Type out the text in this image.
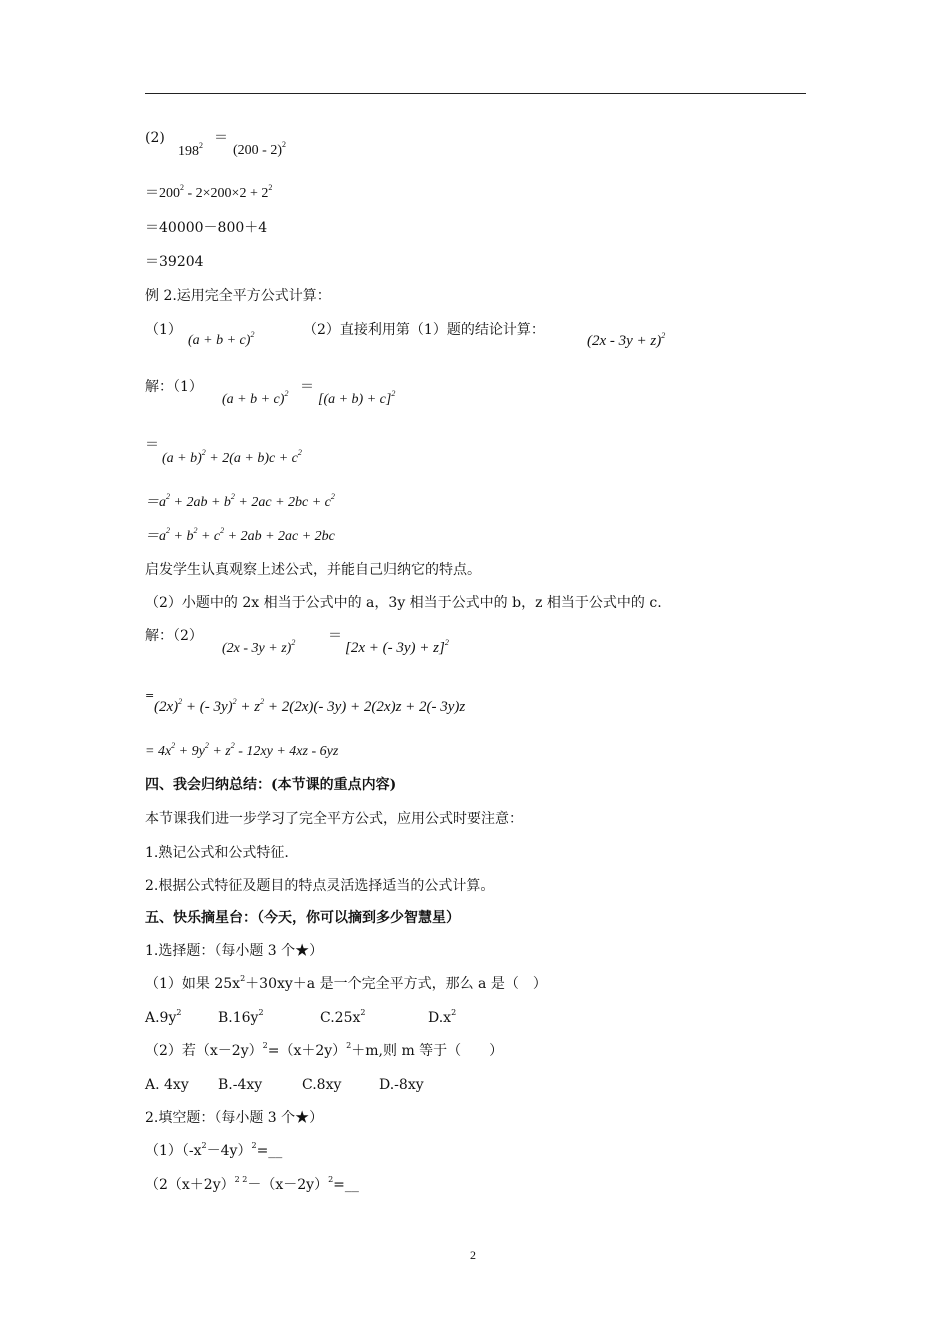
(2)
$198^2$ ＝
(200 - 2)$^2$
$=200^2 - 2\times 200\times 2 + 2^2$
＝40000－800＋4
＝39204
例 2.运用完全平方公式计算：
（1）
$(a + b + c)^2$	（2）直接利用第（1）题的结论计算：
$(2x - 3y + z)^2$
解：（1）
$(a + b + c)^2$ ＝
$[(a + b) + c]^2$
＝
$(a + b)^2 + 2(a + b)c + c^2$
$=a^2 + 2ab + b^2 + 2ac + 2bc + c^2$
$=a^2 + b^2 + c^2 + 2ab + 2ac + 2bc$
启发学生认真观察上述公式，并能自己归纳它的特点。
（2）小题中的 2x 相当于公式中的 a，3y 相当于公式中的 b，z 相当于公式中的 c.
解：（2）
$(2x - 3y + z)^2$ ＝
[2x + (- 3y) + z]$^2$
=
$(2x)^2$ + (- $3y)^2 + z^2 + 2(2x)(-$ 3y) + 2(2x)z + 2(- 3y)z
= $4x^2 + 9y^2 + z^2 - 12xy + 4xz - 6yz$
四、我会归纳总结：(本节课的重点内容)
本节课我们进一步学习了完全平方公式，应用公式时要注意：
1.熟记公式和公式特征.
2.根据公式特征及题目的特点灵活选择适当的公式计算。
五、快乐摘星台：（今天，你可以摘到多少智慧星）
1.选择题：（每小题 3 个★）
（1）如果 $25x^2+30xy+a$ 是一个完全平方式，那么 a 是（　）
$A.9y^2$	$B.16y^2$	$C.25x^2$	$D.x^2$
（2）若$(x-2y)^2=(x+2y)^2+m$,则 m 等于（　　）
A. 4xy B.-4xy	C.8xy	D.-8xy
2.填空题：（每小题 3 个★）
$(1)(-x^2-4y)^2=\_\_$
（$2(x+2y)^{2 2}-(x-2y)^2=\_\_$
2
